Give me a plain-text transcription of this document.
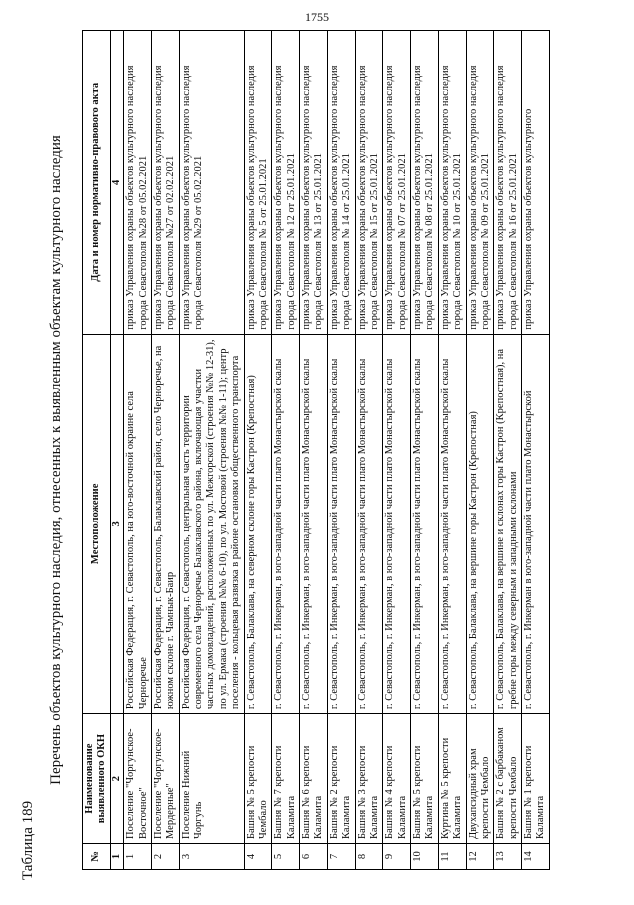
1755
Таблица 189
Перечень объектов культурного наследия, отнесенных к выявленным объектам культурного наследия
№	Наименование выявленного ОКН	Местоположение	Дата и номер нормативно-правового акта
1	2	3	4
1	Поселение "Чоргунское-Восточное"	Российская Федерация, г. Севастополь, на юго-восточной окраине села Черноречье	приказ Управления охраны объектов культурного наследия города Севастополя №28 от 05.02.2021
2	Поселение "Чоргунское-Мердерные"	Российская Федерация, г. Севастополь, Балаклавский район, село Черноречье, на южном склоне г. Чамнык-Баир	приказ Управления охраны объектов культурного наследия города Севастополя №27 от 02.02.2021
3	Поселение Нижний Чоргунь	Российская Федерация, г. Севастополь, центральная часть территории современного села Черноречье Балаклавского района, включающая участки частных домовладений, расположенных по ул. Межгорской (строения №№ 12-31), по ул. Ермака (строения №№ 6-10), по ул. Мостовой (строения №№ 1-11); центр поселения - кольцевая развязка в районе остановки общественного транспорта	приказ Управления охраны объектов культурного наследия города Севастополя №29 от 05.02.2021
4	Башня № 5 крепости Чембало	г. Севастополь, Балаклава, на северном склоне горы Кастрон (Крепостная)	приказ Управления охраны объектов культурного наследия города Севастополя № 5 от 25.01.2021
5	Башня № 7 крепости Каламита	г. Севастополь, г. Инкерман, в юго-западной части плато Монастырской скалы	приказ Управления охраны объектов культурного наследия города Севастополя № 12 от 25.01.2021
6	Башня № 6 крепости Каламита	г. Севастополь, г. Инкерман, в юго-западной части плато Монастырской скалы	приказ Управления охраны объектов культурного наследия города Севастополя № 13 от 25.01.2021
7	Башня № 2 крепости Каламита	г. Севастополь, г. Инкерман, в юго-западной части плато Монастырской скалы	приказ Управления охраны объектов культурного наследия города Севастополя № 14 от 25.01.2021
8	Башня № 3 крепости Каламита	г. Севастополь, г. Инкерман, в юго-западной части плато Монастырской скалы	приказ Управления охраны объектов культурного наследия города Севастополя № 15 от 25.01.2021
9	Башня № 4 крепости Каламита	г. Севастополь, г. Инкерман, в юго-западной части плато Монастырской скалы	приказ Управления охраны объектов культурного наследия города Севастополя № 07 от 25.01.2021
10	Башня № 5 крепости Каламита	г. Севастополь, г. Инкерман, в юго-западной части плато Монастырской скалы	приказ Управления охраны объектов культурного наследия города Севастополя № 08 от 25.01.2021
11	Куртина № 5 крепости Каламита	г. Севастополь, г. Инкерман, в юго-западной части плато Монастырской скалы	приказ Управления охраны объектов культурного наследия города Севастополя № 10 от 25.01.2021
12	Двухапсидный храм крепости Чембало	г. Севастополь, Балаклава, на вершине горы Кастрон (Крепостная)	приказ Управления охраны объектов культурного наследия города Севастополя № 09 от 25.01.2021
13	Башня № 2 с барбаканом крепости Чембало	г. Севастополь, Балаклава, на вершине и склонах горы Кастрон (Крепостная), на гребне горы между северным и западными склонами	приказ Управления охраны объектов культурного наследия города Севастополя № 16 от 25.01.2021
14	Башня № 1 крепости Каламита	г. Севастополь, г. Инкерман в юго-западной части плато Монастырской	приказ Управления охраны объектов культурного
